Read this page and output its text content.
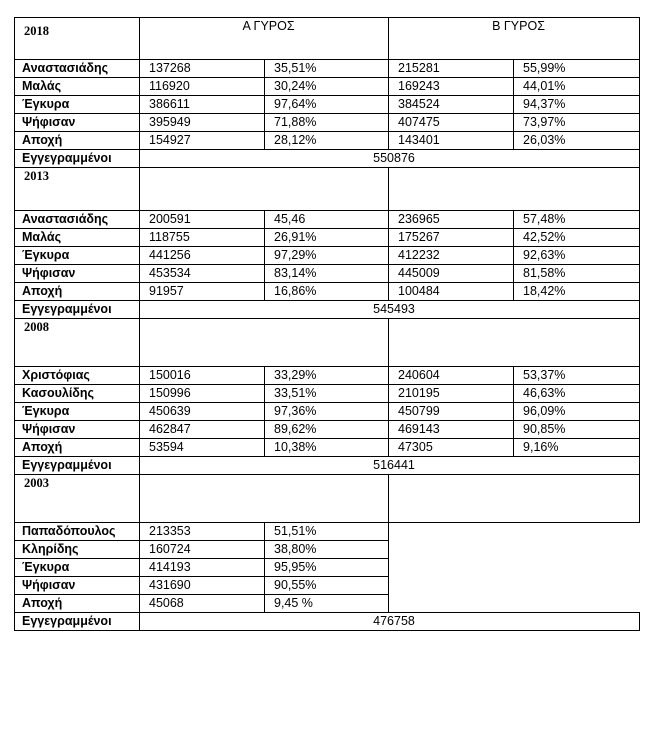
2018	Α ΓΥΡΟΣ		Β ΓΥΡΟΣ	
Αναστασιάδης	137268	35,51%	215281	55,99%
Μαλάς	116920	30,24%	169243	44,01%
Έγκυρα	386611	97,64%	384524	94,37%
Ψήφισαν	395949	71,88%	407475	73,97%
Αποχή	154927	28,12%	143401	26,03%
Εγγεγραμμένοι	550876			
2013				
Αναστασιάδης	200591	45,46	236965	57,48%
Μαλάς	118755	26,91%	175267	42,52%
Έγκυρα	441256	97,29%	412232	92,63%
Ψήφισαν	453534	83,14%	445009	81,58%
Αποχή	91957	16,86%	100484	18,42%
Εγγεγραμμένοι	545493			
2008				
Χριστόφιας	150016	33,29%	240604	53,37%
Κασουλίδης	150996	33,51%	210195	46,63%
Έγκυρα	450639	97,36%	450799	96,09%
Ψήφισαν	462847	89,62%	469143	90,85%
Αποχή	53594	10,38%	47305	9,16%
Εγγεγραμμένοι	516441			
2003				
Παπαδόπουλος	213353	51,51%		
Κληρίδης	160724	38,80%		
Έγκυρα	414193	95,95%		
Ψήφισαν	431690	90,55%		
Αποχή	45068	9,45 %		
Εγγεγραμμένοι	476758			
